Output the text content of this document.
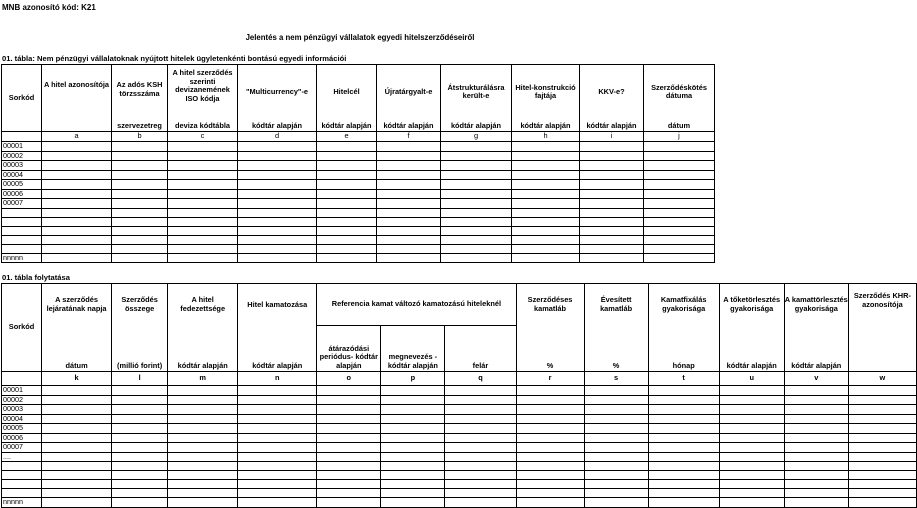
MNB azonosító kód: K21
Jelentés a nem pénzügyi vállalatok egyedi hitelszerződéseiről
01. tábla: Nem pénzügyi vállalatoknak nyújtott hitelek ügyletenkénti bontású egyedi információi
Sorkód	A hitel azonosítója	Az adós KSH törzsszáma	A hitel szerződés szerinti devizanemének ISO kódja	"Multicurrency"-e	Hitelcél	Újratárgyalt-e	Átstrukturálásra került-e	Hitel-konstrukció fajtája	KKV-e?	Szerződéskötés dátuma
		szervezetreg	deviza kódtábla	kódtár alapján	kódtár alapján	kódtár alapján	kódtár alapján	kódtár alapján	kódtár alapján	dátum
	a	b	c	d	e	f	g	h	i	j
00001										
00002										
00003										
00004										
00005										
00006										
00007										

nnnnn										
01. tábla folytatása
Sorkód	A szerződés lejáratának napja	Szerződés összege	A hitel fedezettsége	Hitel kamatozása	Referencia kamat változó kamatozású hiteleknél			Szerződéses kamatláb	Évesített kamatláb	Kamatfixálás gyakorisága	A tőketörlesztés gyakorisága	A kamattörlesztés gyakorisága	Szerződés KHR-azonosítója
	dátum	(millió forint)	kódtár alapján	kódtár alapján	átárazódási periódus- kódtár alapján	megnevezés - kódtár alapján	felár	%	%	hónap	kódtár alapján	kódtár alapján	
	k	l	m	n	o	p	q	r	s	t	u	v	w
00001													
00002													
00003													
00004													
00005													
00006													
00007													
....													

nnnnn													
